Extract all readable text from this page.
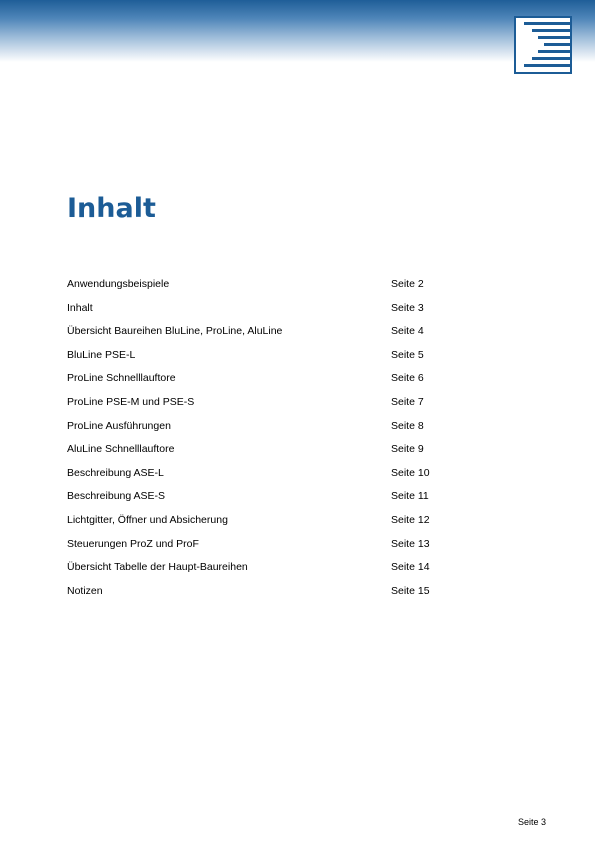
Inhalt
Anwendungsbeispiele	Seite 2
Inhalt	Seite 3
Übersicht Baureihen BluLine, ProLine, AluLine	Seite 4
BluLine PSE-L	Seite 5
ProLine Schnelllauftore	Seite 6
ProLine PSE-M und PSE-S	Seite 7
ProLine Ausführungen	Seite 8
AluLine Schnelllauftore	Seite 9
Beschreibung ASE-L	Seite 10
Beschreibung ASE-S	Seite 11
Lichtgitter, Öffner und Absicherung	Seite 12
Steuerungen ProZ und ProF	Seite 13
Übersicht Tabelle der Haupt-Baureihen	Seite 14
Notizen	Seite 15
Seite 3
